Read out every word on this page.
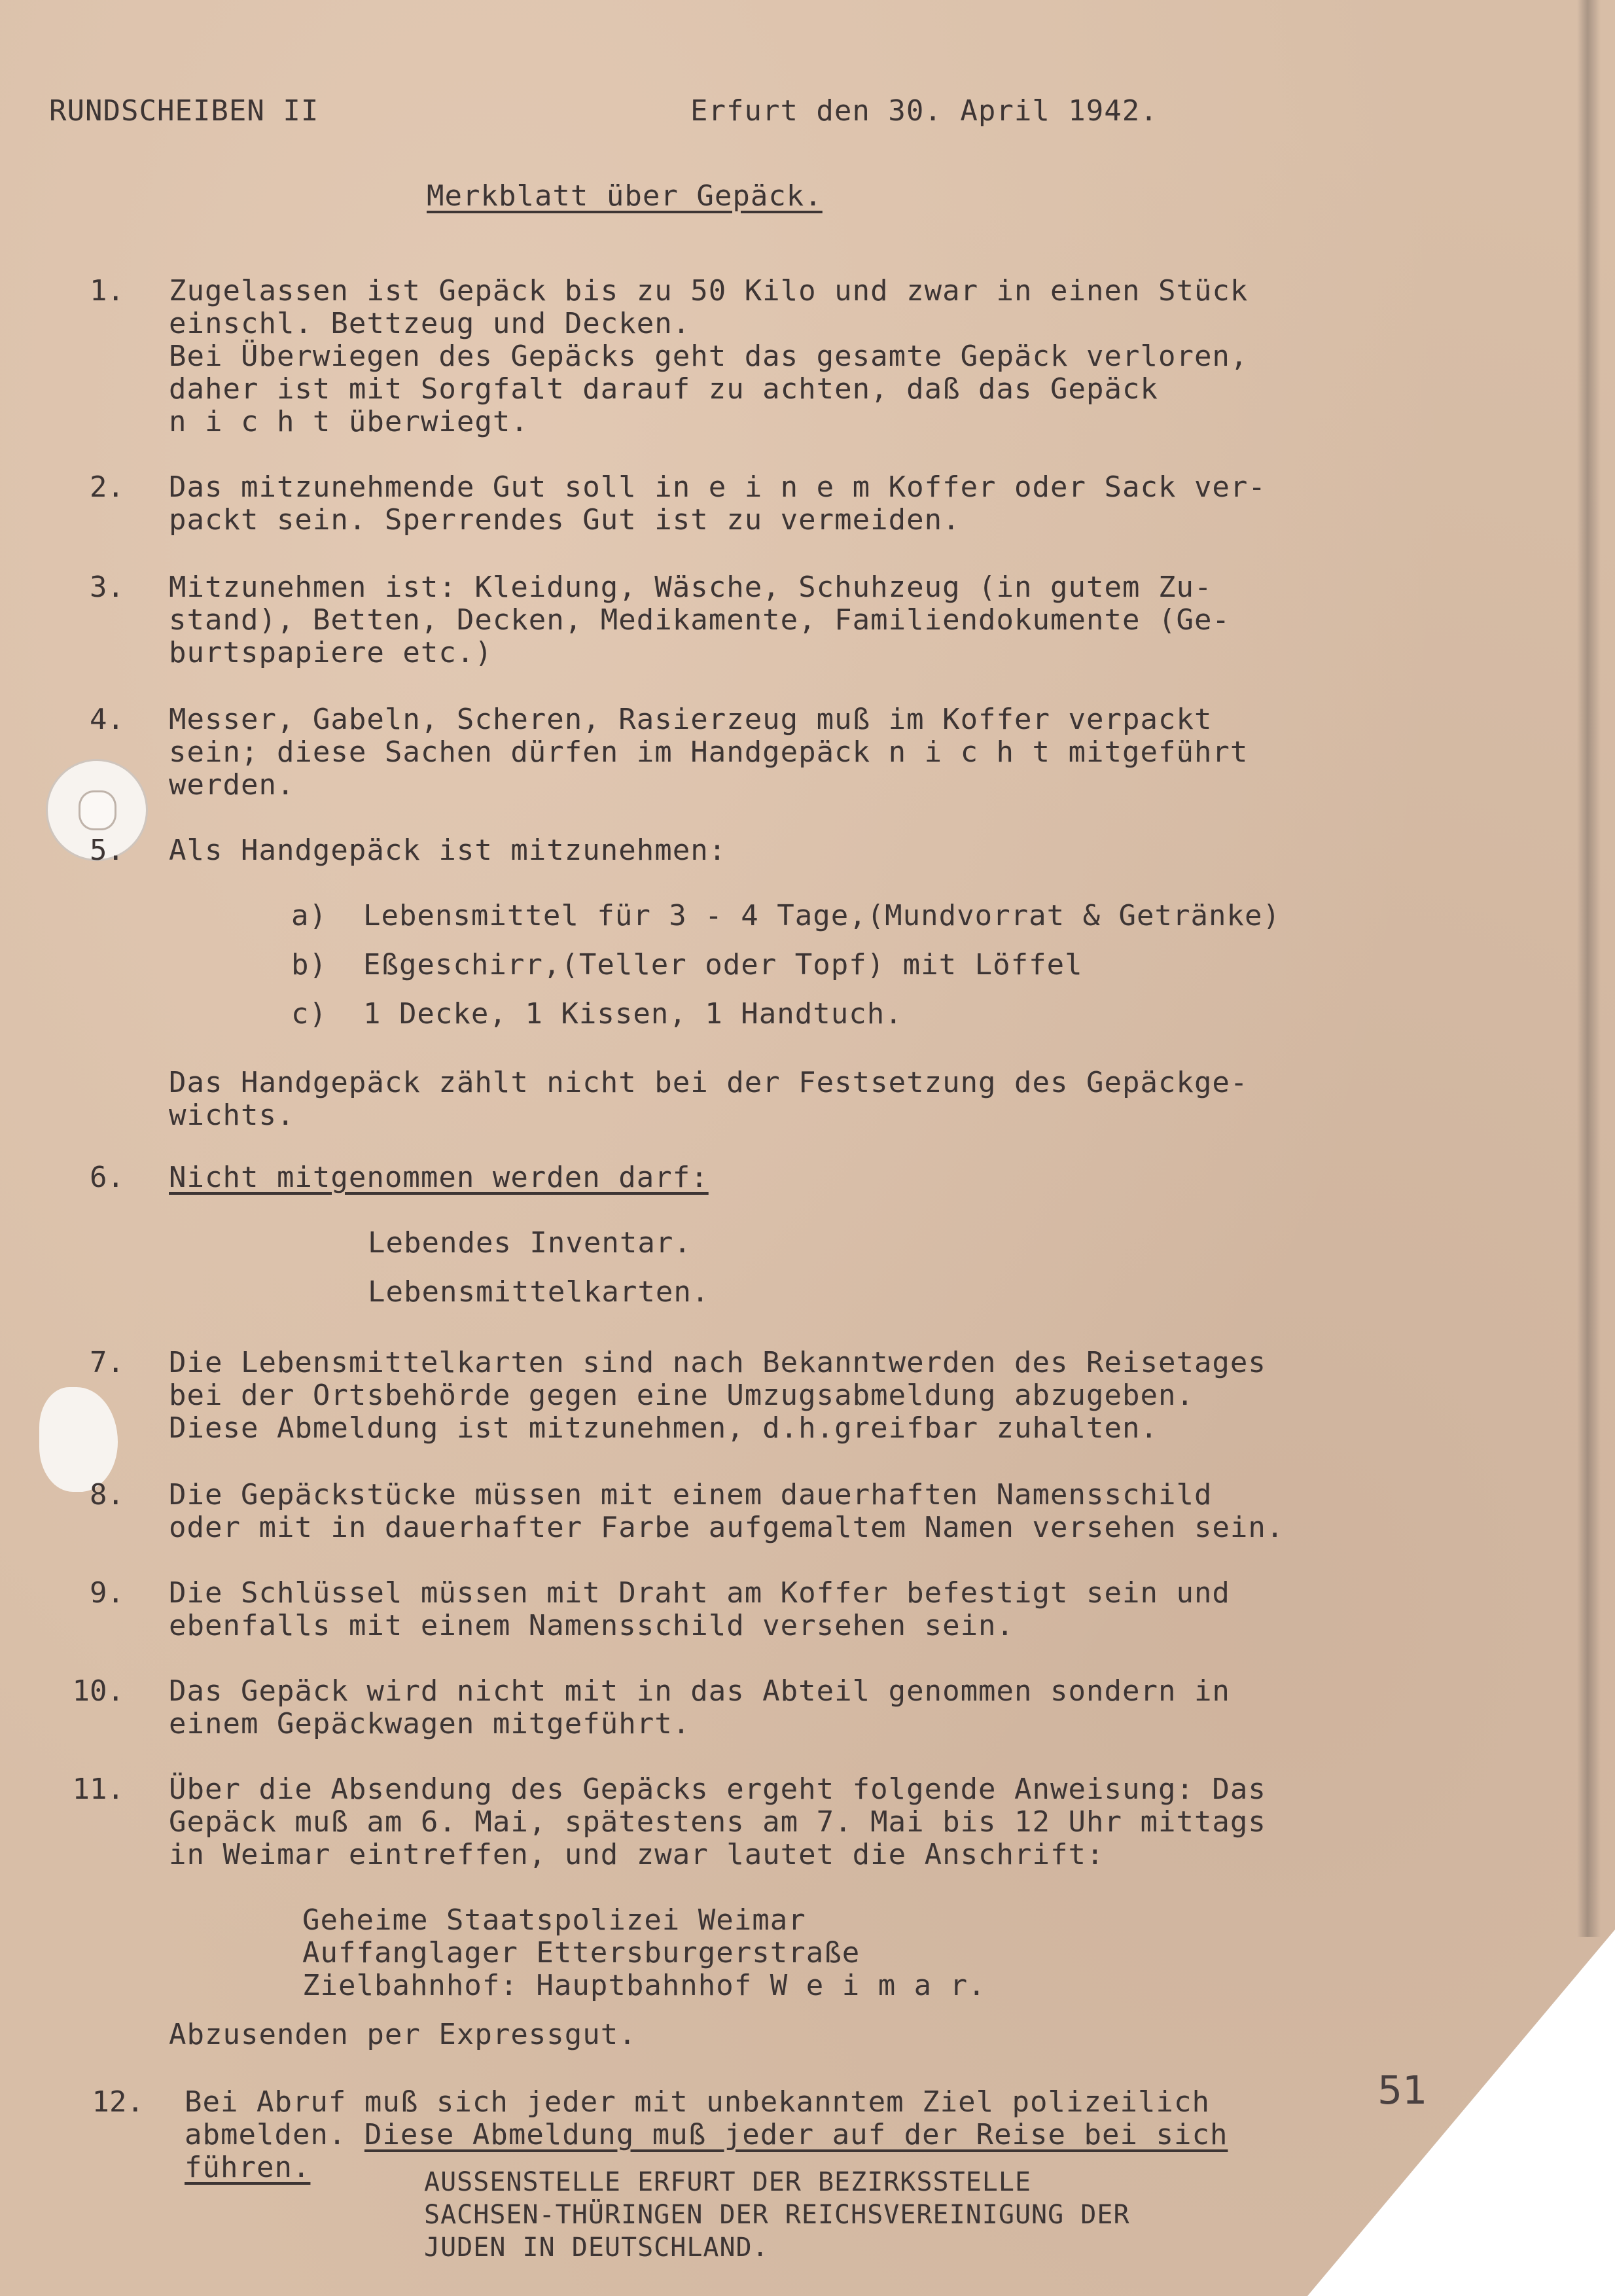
RUNDSCHEIBEN II	Erfurt den 30. April 1942.
Merkblatt über Gepäck.
1. Zugelassen ist Gepäck bis zu 50 Kilo und zwar in einen Stück
einschl. Bettzeug und Decken.
Bei Überwiegen des Gepäcks geht das gesamte Gepäck verloren,
daher ist mit Sorgfalt darauf zu achten, daß das Gepäck
n i c h t überwiegt.
2. Das mitzunehmende Gut soll in e i n e m Koffer oder Sack ver-
packt sein. Sperrendes Gut ist zu vermeiden.
3. Mitzunehmen ist: Kleidung, Wäsche, Schuhzeug (in gutem Zu-
stand), Betten, Decken, Medikamente, Familiendokumente (Ge-
burtspapiere etc.)
4. Messer, Gabeln, Scheren, Rasierzeug muß im Koffer verpackt
sein; diese Sachen dürfen im Handgepäck n i c h t mitgeführt
werden.
5. Als Handgepäck ist mitzunehmen:
a)  Lebensmittel für 3 - 4 Tage,(Mundvorrat & Getränke)
b)  Eßgeschirr,(Teller oder Topf) mit Löffel
c)  1 Decke, 1 Kissen, 1 Handtuch.
Das Handgepäck zählt nicht bei der Festsetzung des Gepäckge-
wichts.
6. Nicht mitgenommen werden darf:
Lebendes Inventar.
Lebensmittelkarten.
7. Die Lebensmittelkarten sind nach Bekanntwerden des Reisetages
bei der Ortsbehörde gegen eine Umzugsabmeldung abzugeben.
Diese Abmeldung ist mitzunehmen, d.h.greifbar zuhalten.
8. Die Gepäckstücke müssen mit einem dauerhaften Namensschild
oder mit in dauerhafter Farbe aufgemaltem Namen versehen sein.
9. Die Schlüssel müssen mit Draht am Koffer befestigt sein und
ebenfalls mit einem Namensschild versehen sein.
10. Das Gepäck wird nicht mit in das Abteil genommen sondern in
einem Gepäckwagen mitgeführt.
11. Über die Absendung des Gepäcks ergeht folgende Anweisung: Das
Gepäck muß am 6. Mai, spätestens am 7. Mai bis 12 Uhr mittags
in Weimar eintreffen, und zwar lautet die Anschrift:
Geheime Staatspolizei Weimar
Auffanglager Ettersburgerstraße
Zielbahnhof: Hauptbahnhof W e i m a r.
Abzusenden per Expressgut.
12. Bei Abruf muß sich jeder mit unbekanntem Ziel polizeilich
abmelden. Diese Abmeldung muß jeder auf der Reise bei sich
führen.
51
AUSSENSTELLE ERFURT DER BEZIRKSSTELLE
SACHSEN-THÜRINGEN DER REICHSVEREINIGUNG DER
JUDEN IN DEUTSCHLAND.
